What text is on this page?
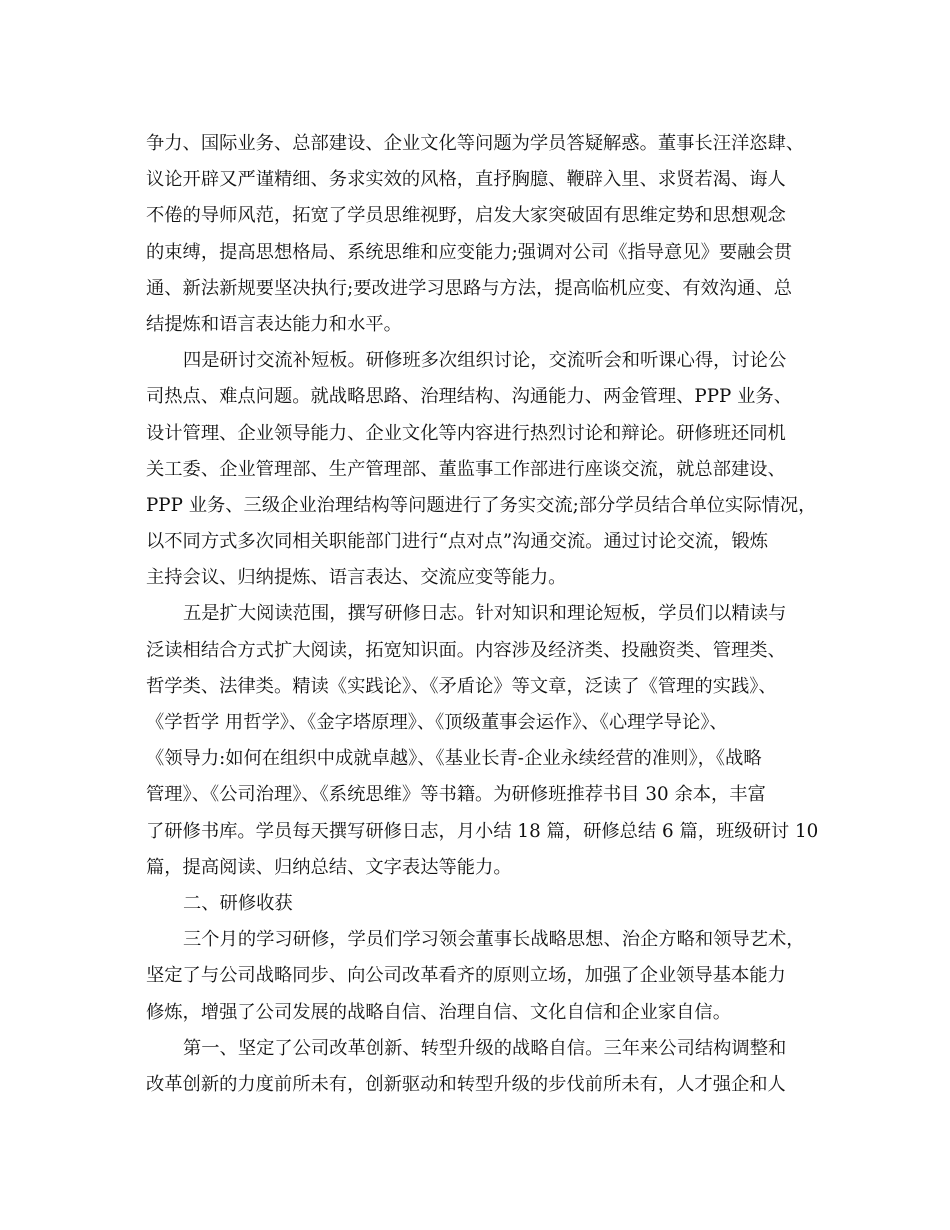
争力、国际业务、总部建设、企业文化等问题为学员答疑解惑。董事长汪洋恣肆、
议论开辟又严谨精细、务求实效的风格，直抒胸臆、鞭辟入里、求贤若渴、诲人
不倦的导师风范，拓宽了学员思维视野，启发大家突破固有思维定势和思想观念
的束缚，提高思想格局、系统思维和应变能力;强调对公司《指导意见》要融会贯
通、新法新规要坚决执行;要改进学习思路与方法，提高临机应变、有效沟通、总
结提炼和语言表达能力和水平。
四是研讨交流补短板。研修班多次组织讨论，交流听会和听课心得，讨论公
司热点、难点问题。就战略思路、治理结构、沟通能力、两金管理、PPP 业务、
设计管理、企业领导能力、企业文化等内容进行热烈讨论和辩论。研修班还同机
关工委、企业管理部、生产管理部、董监事工作部进行座谈交流，就总部建设、
PPP 业务、三级企业治理结构等问题进行了务实交流;部分学员结合单位实际情况，
以不同方式多次同相关职能部门进行“点对点”沟通交流。通过讨论交流，锻炼
主持会议、归纳提炼、语言表达、交流应变等能力。
五是扩大阅读范围，撰写研修日志。针对知识和理论短板，学员们以精读与
泛读相结合方式扩大阅读，拓宽知识面。内容涉及经济类、投融资类、管理类、
哲学类、法律类。精读《实践论》、《矛盾论》等文章，泛读了《管理的实践》、
《学哲学 用哲学》、《金字塔原理》、《顶级董事会运作》、《心理学导论》、
《领导力:如何在组织中成就卓越》、《基业长青-企业永续经营的准则》，《战略
管理》、《公司治理》、《系统思维》等书籍。为研修班推荐书目 30 余本，丰富
了研修书库。学员每天撰写研修日志，月小结 18 篇，研修总结 6 篇，班级研讨 10
篇，提高阅读、归纳总结、文字表达等能力。
二、研修收获
三个月的学习研修，学员们学习领会董事长战略思想、治企方略和领导艺术，
坚定了与公司战略同步、向公司改革看齐的原则立场，加强了企业领导基本能力
修炼，增强了公司发展的战略自信、治理自信、文化自信和企业家自信。
第一、坚定了公司改革创新、转型升级的战略自信。三年来公司结构调整和
改革创新的力度前所未有，创新驱动和转型升级的步伐前所未有，人才强企和人
